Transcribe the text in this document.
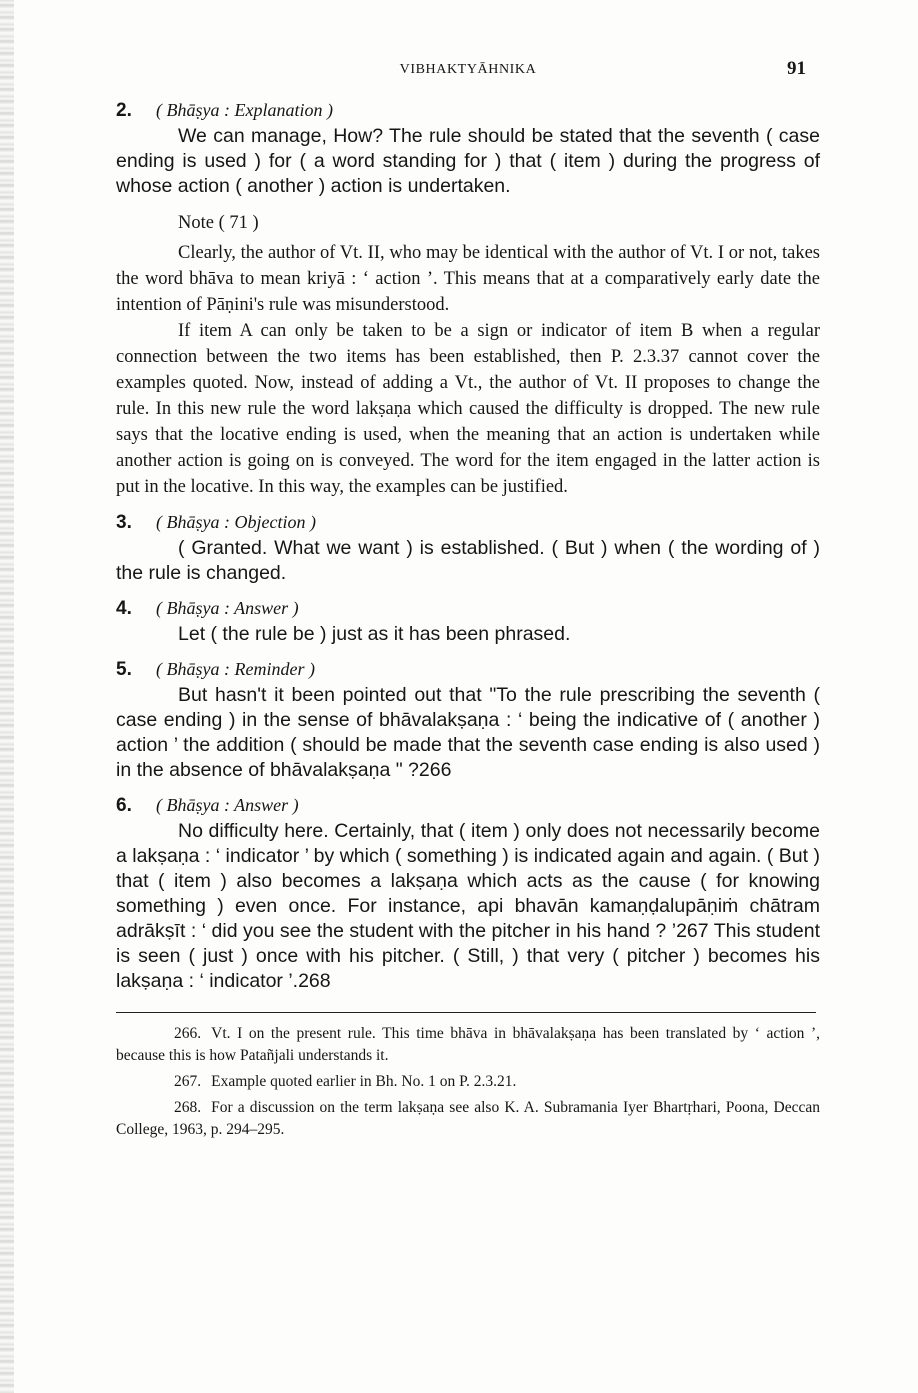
VIBHAKTYĀHNIKA	91
2.	( Bhāṣya : Explanation )

We can manage, How? The rule should be stated that the seventh ( case ending is used ) for ( a word standing for ) that ( item ) during the progress of whose action ( another ) action is undertaken.

Note ( 71 )

Clearly, the author of Vt. II, who may be identical with the author of Vt. I or not, takes the word bhāva to mean kriyā : ‘ action ’. This means that at a comparatively early date the intention of Pāṇini's rule was misunderstood.

If item A can only be taken to be a sign or indicator of item B when a regular connection between the two items has been established, then P. 2.3.37 cannot cover the examples quoted. Now, instead of adding a Vt., the author of Vt. II proposes to change the rule. In this new rule the word lakṣaṇa which caused the difficulty is dropped. The new rule says that the locative ending is used, when the meaning that an action is undertaken while another action is going on is conveyed. The word for the item engaged in the latter action is put in the locative. In this way, the examples can be justified.

3.	( Bhāṣya : Objection )

( Granted. What we want ) is established. ( But ) when ( the wording of ) the rule is changed.

4.	( Bhāṣya : Answer )

Let ( the rule be ) just as it has been phrased.

5.	( Bhāṣya : Reminder )

But hasn't it been pointed out that "To the rule prescribing the seventh ( case ending ) in the sense of bhāvalakṣaṇa : ‘ being the indicative of ( another ) action ’ the addition ( should be made that the seventh case ending is also used ) in the absence of bhāvalakṣaṇa " ?266

6.	( Bhāṣya : Answer )

No difficulty here. Certainly, that ( item ) only does not necessarily become a lakṣaṇa : ‘ indicator ’ by which ( something ) is indicated again and again. ( But ) that ( item ) also becomes a lakṣaṇa which acts as the cause ( for knowing something ) even once. For instance, api bhavān kamaṇḍalupāṇiṁ chātram adrākṣīt : ‘ did you see the student with the pitcher in his hand ? ’267 This student is seen ( just ) once with his pitcher. ( Still, ) that very ( pitcher ) becomes his lakṣaṇa : ‘ indicator ’.268

266. Vt. I on the present rule. This time bhāva in bhāvalakṣaṇa has been translated by ‘ action ’, because this is how Patañjali understands it.

267. Example quoted earlier in Bh. No. 1 on P. 2.3.21.

268. For a discussion on the term lakṣaṇa see also K. A. Subramania Iyer Bhartṛhari, Poona, Deccan College, 1963, p. 294–295.
